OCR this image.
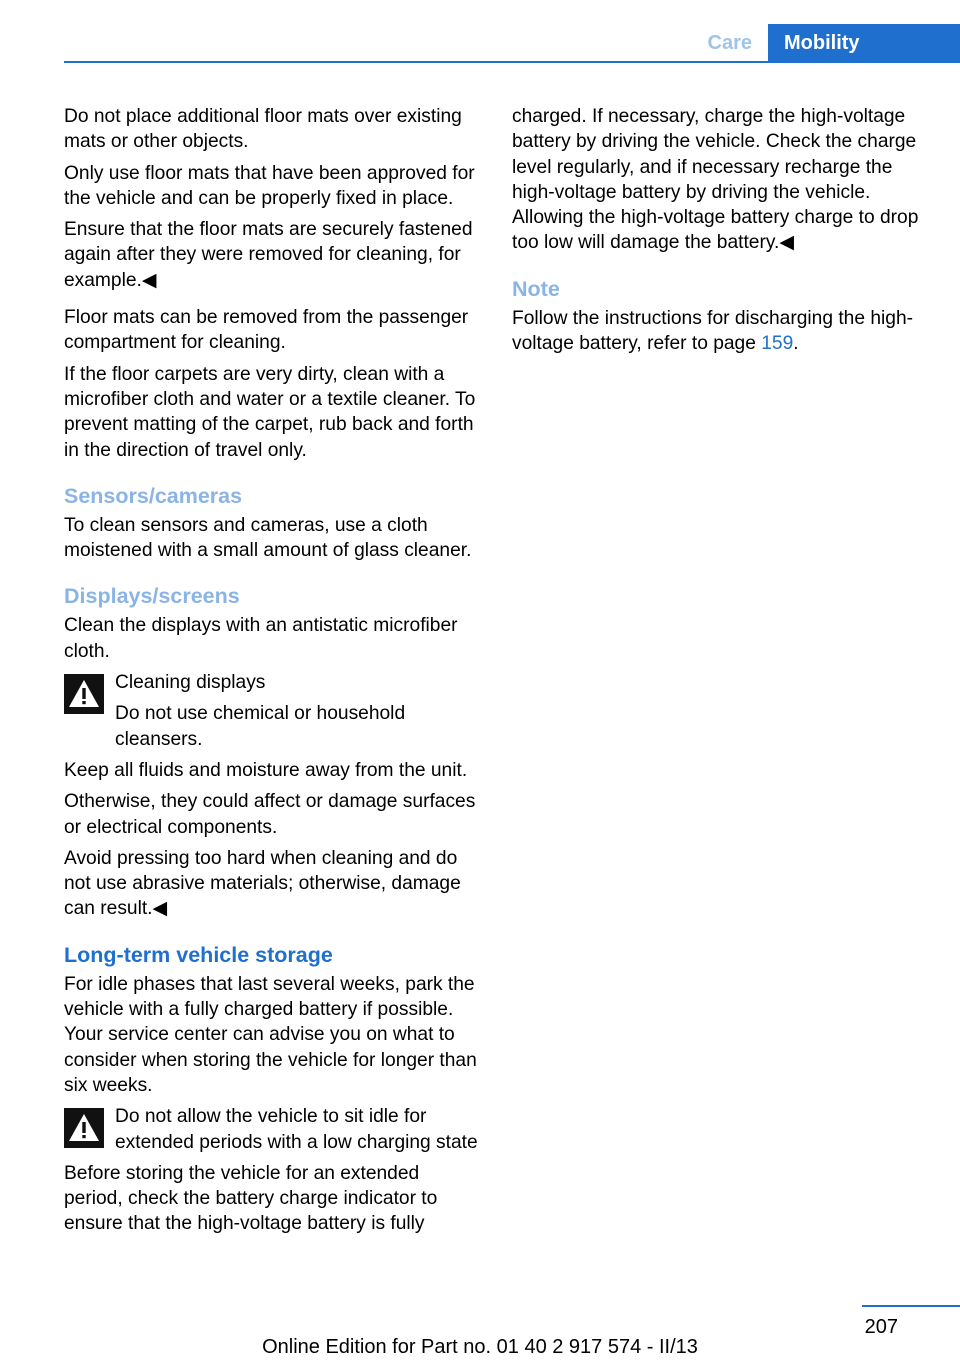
Care	Mobility

Do not place additional floor mats over existing mats or other objects.

Only use floor mats that have been approved for the vehicle and can be properly fixed in place.

Ensure that the floor mats are securely fastened again after they were removed for cleaning, for example.◀

Floor mats can be removed from the passenger compartment for cleaning.

If the floor carpets are very dirty, clean with a microfiber cloth and water or a textile cleaner. To prevent matting of the carpet, rub back and forth in the direction of travel only.

Sensors/cameras

To clean sensors and cameras, use a cloth moistened with a small amount of glass cleaner.

Displays/screens

Clean the displays with an antistatic microfiber cloth.

Cleaning displays

Do not use chemical or household cleansers.

Keep all fluids and moisture away from the unit.

Otherwise, they could affect or damage surfaces or electrical components.

Avoid pressing too hard when cleaning and do not use abrasive materials; otherwise, damage can result.◀

Long-term vehicle storage

For idle phases that last several weeks, park the vehicle with a fully charged battery if possible. Your service center can advise you on what to consider when storing the vehicle for longer than six weeks.

Do not allow the vehicle to sit idle for extended periods with a low charging state

Before storing the vehicle for an extended period, check the battery charge indicator to ensure that the high-voltage battery is fully

charged. If necessary, charge the high-voltage battery by driving the vehicle. Check the charge level regularly, and if necessary recharge the high-voltage battery by driving the vehicle. Allowing the high-voltage battery charge to drop too low will damage the battery.◀

Note

Follow the instructions for discharging the high-voltage battery, refer to page 159.

207
Online Edition for Part no. 01 40 2 917 574 - II/13
